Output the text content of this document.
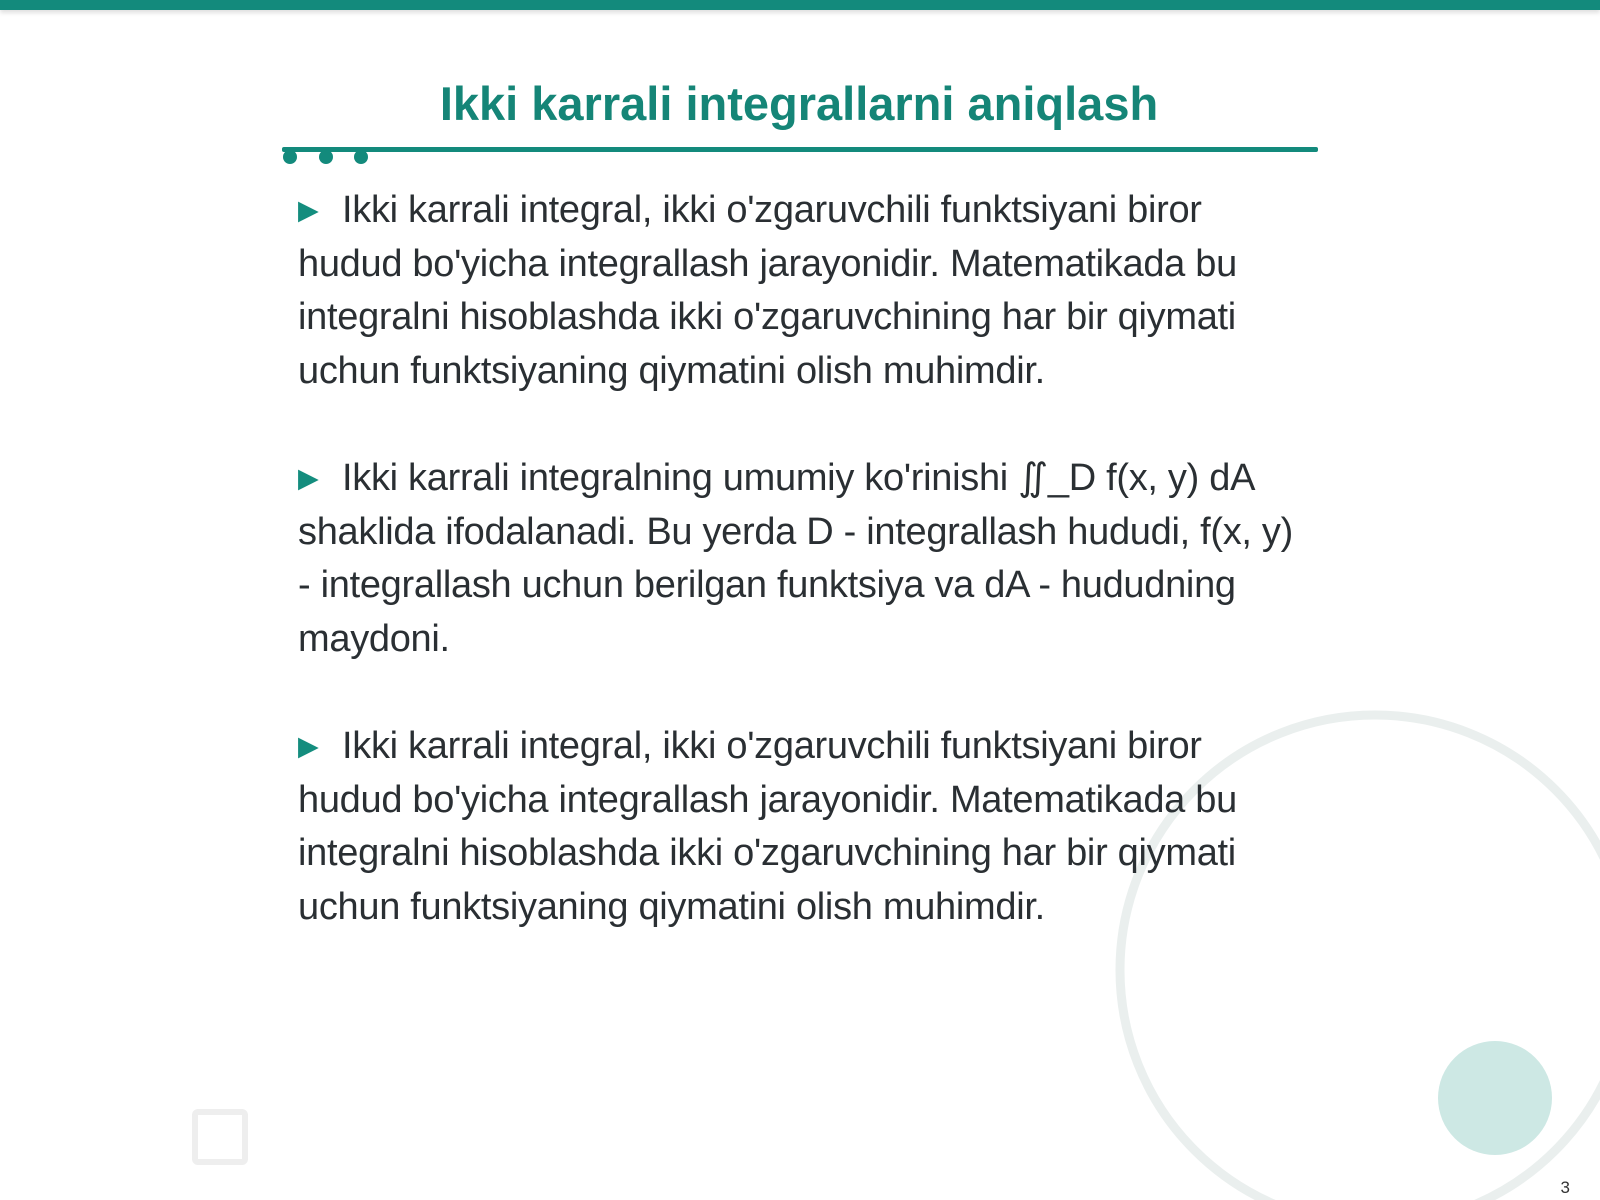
Ikki karrali integrallarni aniqlash

▶ Ikki karrali integral, ikki o'zgaruvchili funktsiyani biror hudud bo'yicha integrallash jarayonidir. Matematikada bu integralni hisoblashda ikki o'zgaruvchining har bir qiymati uchun funktsiyaning qiymatini olish muhimdir.

▶ Ikki karrali integralning umumiy ko'rinishi ∬_D f(x, y) dA shaklida ifodalanadi. Bu yerda D - integrallash hududi, f(x, y) - integrallash uchun berilgan funktsiya va dA - hududning maydoni.

▶ Ikki karrali integral, ikki o'zgaruvchili funktsiyani biror hudud bo'yicha integrallash jarayonidir. Matematikada bu integralni hisoblashda ikki o'zgaruvchining har bir qiymati uchun funktsiyaning qiymatini olish muhimdir.

3
